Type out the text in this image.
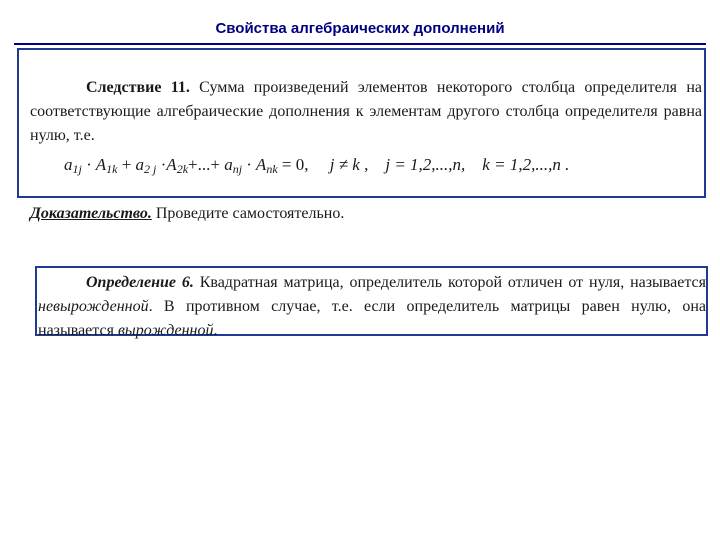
Свойства алгебраических дополнений
Следствие 11. Сумма произведений элементов некоторого столбца определителя на соответствующие алгебраические дополнения к элементам другого столбца определителя равна нулю, т.е.
$a_{1j} \cdot A_{1k} + a_{2 j} \cdot A_{2k}+...+ a_{nj} \cdot A_{nk} = 0$, j ≠ k , j = 1,2,...,n, k = 1,2,...,n .
Доказательство. Проведите самостоятельно.
Определение 6. Квадратная матрица, определитель которой отличен от нуля, называется невырожденной. В противном случае, т.е. если определитель матрицы равен нулю, она называется вырожденной.
